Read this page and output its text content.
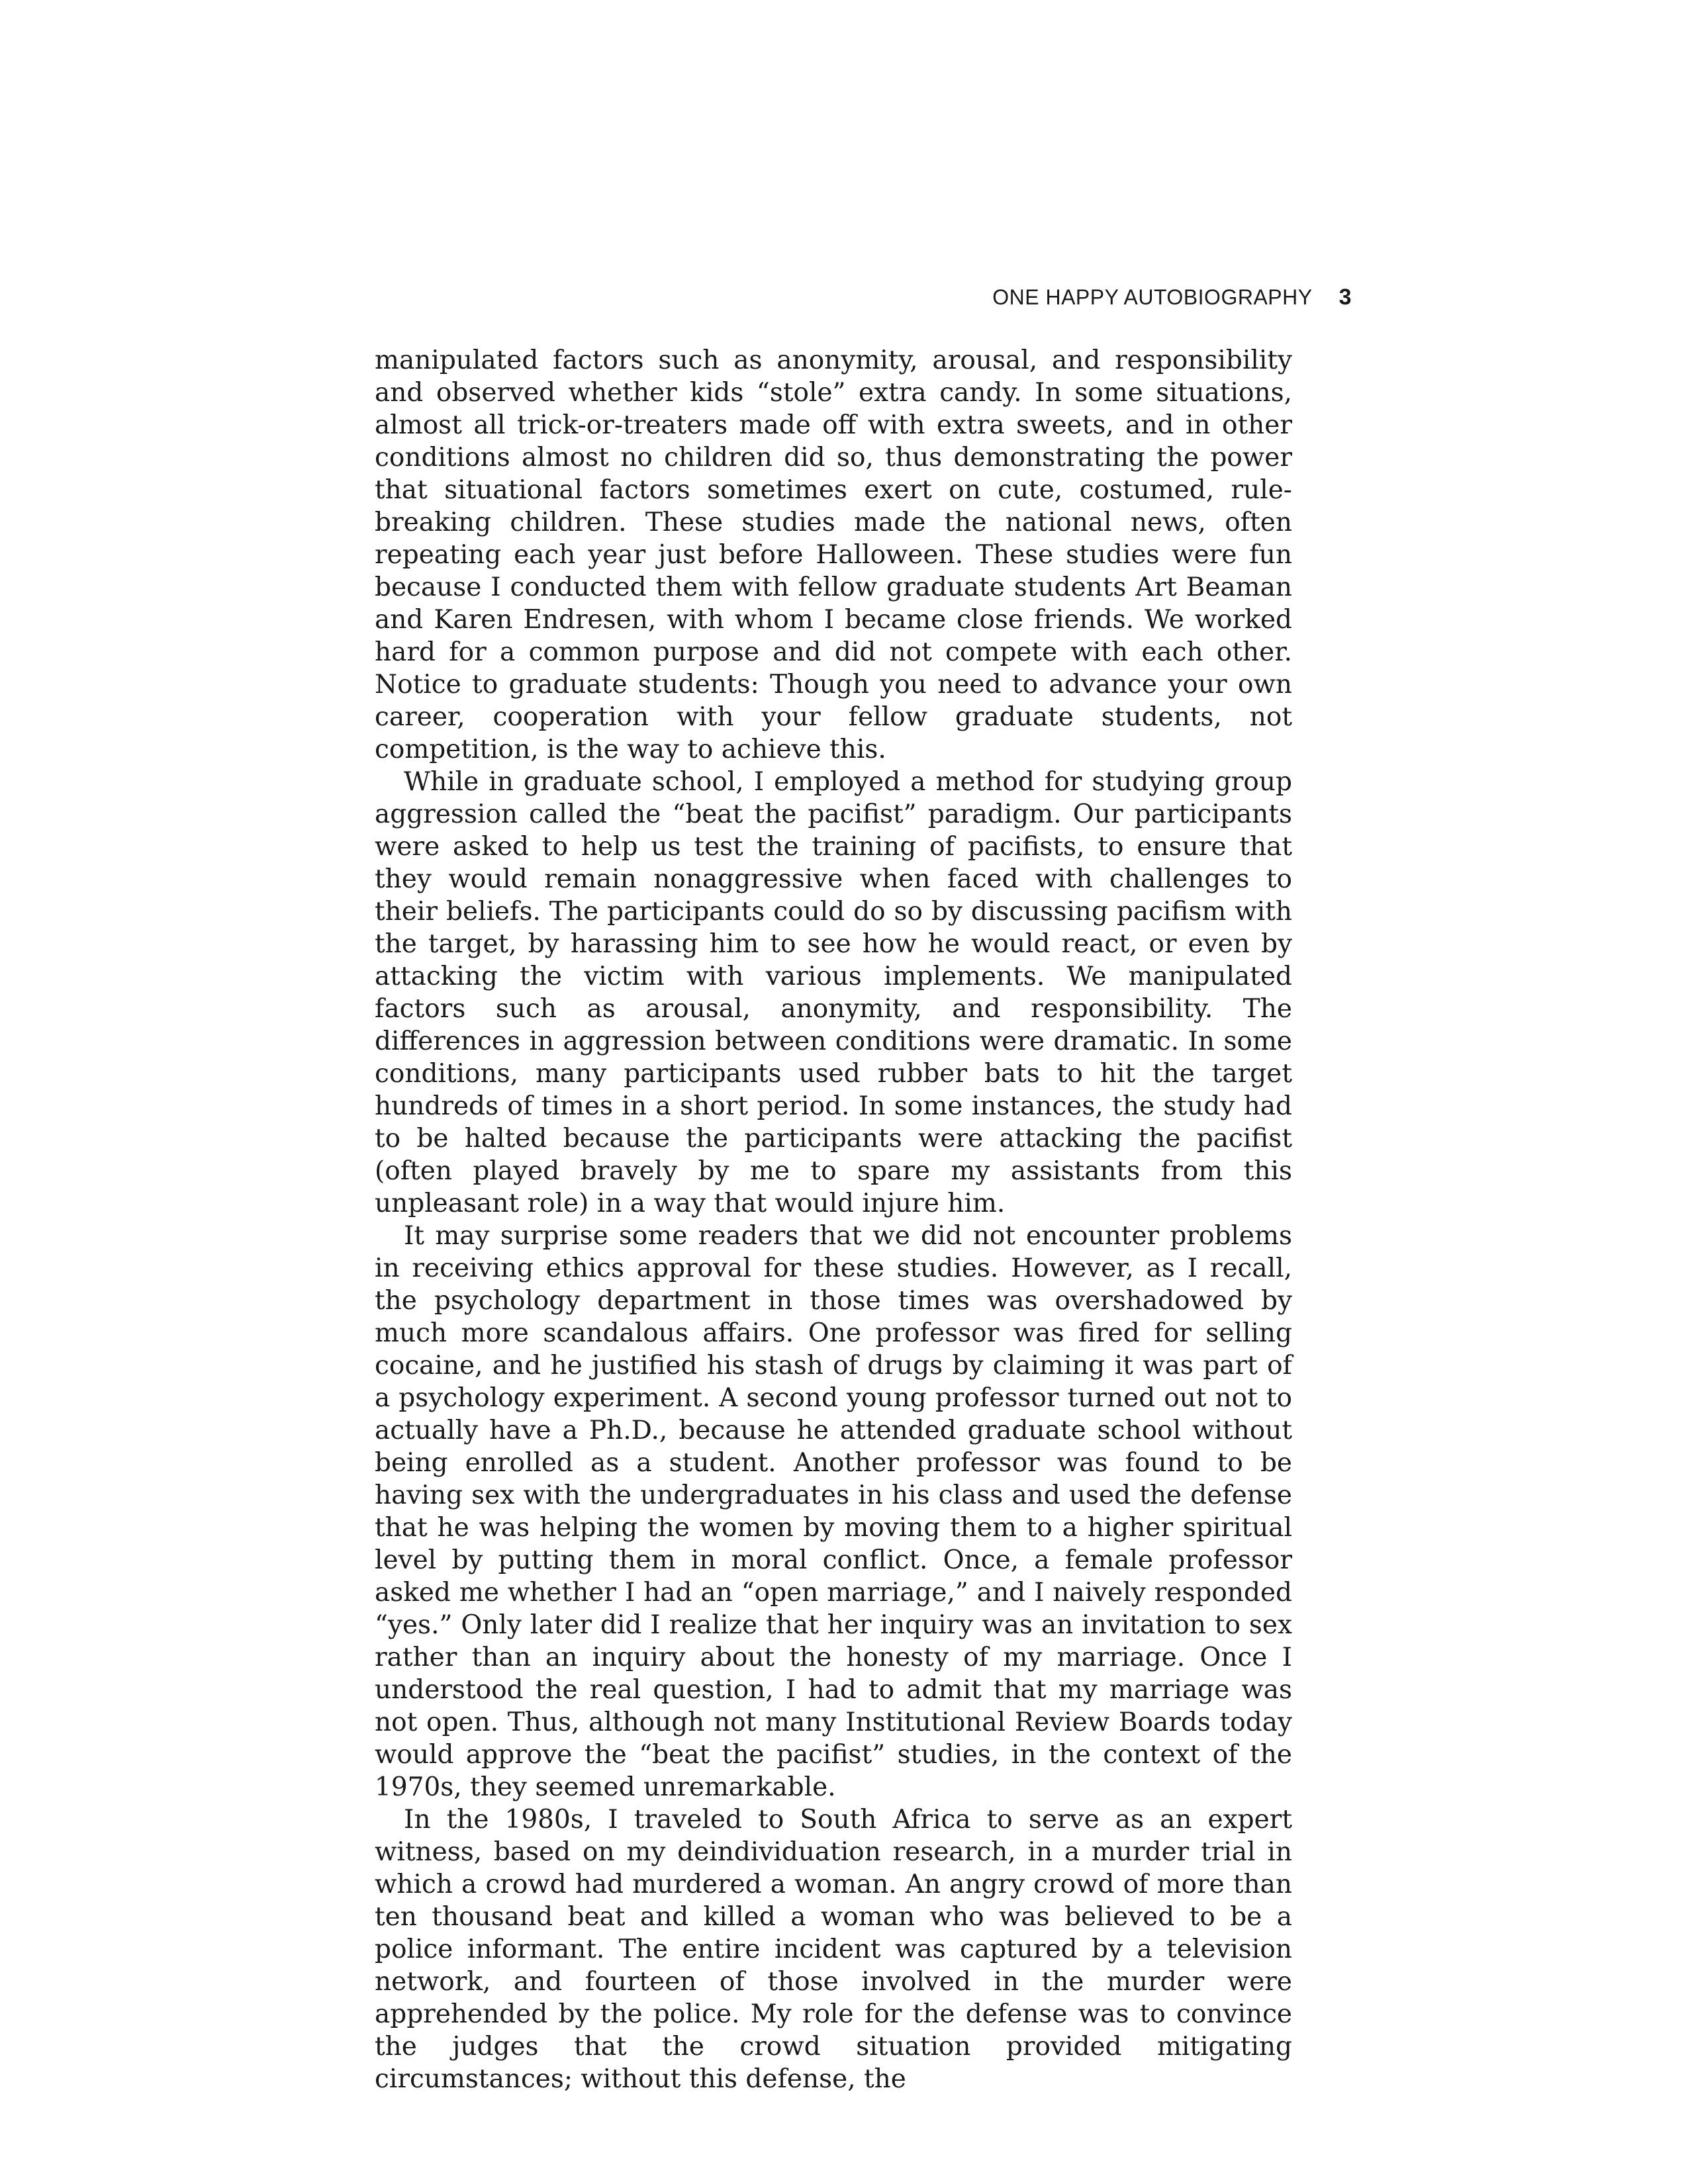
ONE HAPPY AUTOBIOGRAPHY 3

manipulated factors such as anonymity, arousal, and responsibility and observed whether kids “stole” extra candy. In some situations, almost all trick-or-treaters made off with extra sweets, and in other conditions almost no children did so, thus demonstrating the power that situational factors sometimes exert on cute, costumed, rule-breaking children. These studies made the national news, often repeating each year just before Halloween. These studies were fun because I conducted them with fellow graduate students Art Beaman and Karen Endresen, with whom I became close friends. We worked hard for a common purpose and did not compete with each other. Notice to graduate students: Though you need to advance your own career, cooperation with your fellow graduate students, not competition, is the way to achieve this.

While in graduate school, I employed a method for studying group aggression called the “beat the pacifist” paradigm. Our participants were asked to help us test the training of pacifists, to ensure that they would remain nonaggressive when faced with challenges to their beliefs. The participants could do so by discussing pacifism with the target, by harassing him to see how he would react, or even by attacking the victim with various implements. We manipulated factors such as arousal, anonymity, and responsibility. The differences in aggression between conditions were dramatic. In some conditions, many participants used rubber bats to hit the target hundreds of times in a short period. In some instances, the study had to be halted because the participants were attacking the pacifist (often played bravely by me to spare my assistants from this unpleasant role) in a way that would injure him.

It may surprise some readers that we did not encounter problems in receiving ethics approval for these studies. However, as I recall, the psychology department in those times was overshadowed by much more scandalous affairs. One professor was fired for selling cocaine, and he justified his stash of drugs by claiming it was part of a psychology experiment. A second young professor turned out not to actually have a Ph.D., because he attended graduate school without being enrolled as a student. Another professor was found to be having sex with the undergraduates in his class and used the defense that he was helping the women by moving them to a higher spiritual level by putting them in moral conflict. Once, a female professor asked me whether I had an “open marriage,” and I naively responded “yes.” Only later did I realize that her inquiry was an invitation to sex rather than an inquiry about the honesty of my marriage. Once I understood the real question, I had to admit that my marriage was not open. Thus, although not many Institutional Review Boards today would approve the “beat the pacifist” studies, in the context of the 1970s, they seemed unremarkable.

In the 1980s, I traveled to South Africa to serve as an expert witness, based on my deindividuation research, in a murder trial in which a crowd had murdered a woman. An angry crowd of more than ten thousand beat and killed a woman who was believed to be a police informant. The entire incident was captured by a television network, and fourteen of those involved in the murder were apprehended by the police. My role for the defense was to convince the judges that the crowd situation provided mitigating circumstances; without this defense, the
